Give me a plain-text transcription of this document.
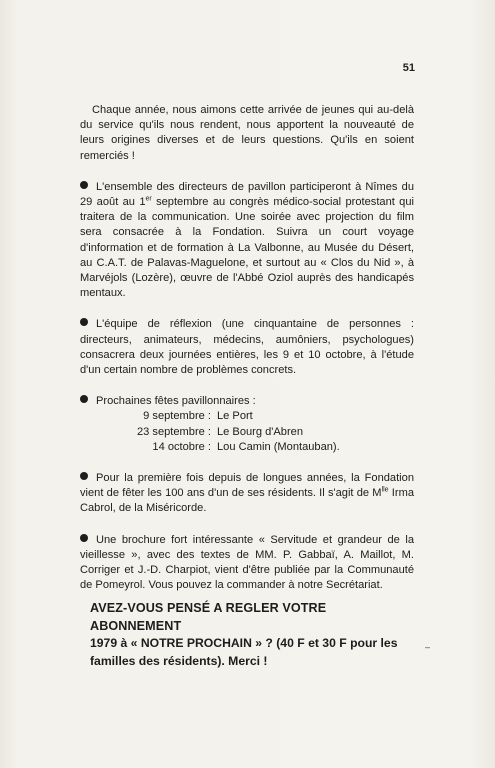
51

Chaque année, nous aimons cette arrivée de jeunes qui au-delà du service qu'ils nous rendent, nous apportent la nouveauté de leurs origines diverses et de leurs questions. Qu'ils en soient remerciés !

L'ensemble des directeurs de pavillon participeront à Nîmes du 29 août au 1er septembre au congrès médico-social protestant qui traitera de la communication. Une soirée avec projection du film sera consacrée à la Fondation. Suivra un court voyage d'information et de formation à La Valbonne, au Musée du Désert, au C.A.T. de Palavas-Maguelone, et surtout au « Clos du Nid », à Marvéjols (Lozère), œuvre de l'Abbé Oziol auprès des handicapés mentaux.

L'équipe de réflexion (une cinquantaine de personnes : directeurs, animateurs, médecins, aumôniers, psychologues) consacrera deux journées entières, les 9 et 10 octobre, à l'étude d'un certain nombre de problèmes concrets.

Prochaines fêtes pavillonnaires :
9 septembre : Le Port
23 septembre : Le Bourg d'Abren
14 octobre : Lou Camin (Montauban).

Pour la première fois depuis de longues années, la Fondation vient de fêter les 100 ans d'un de ses résidents. Il s'agit de $M^{lle}$ Irma Cabrol, de la Miséricorde.

Une brochure fort intéressante « Servitude et grandeur de la vieillesse », avec des textes de MM. P. Gabbaï, A. Maillot, M. Corriger et J.-D. Charpiot, vient d'être publiée par la Communauté de Pomeyrol. Vous pouvez la commander à notre Secrétariat.

AVEZ-VOUS PENSÉ A REGLER VOTRE ABONNEMENT
1979 à « NOTRE PROCHAIN » ? (40 F et 30 F pour les familles des résidents). Merci !
–
